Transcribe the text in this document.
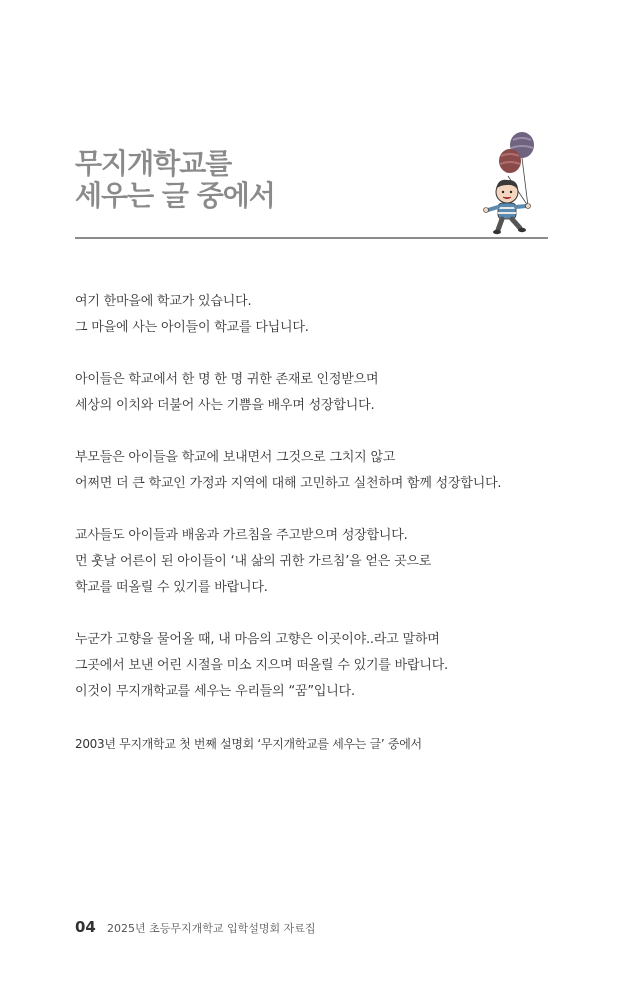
무지개학교를
세우는 글 중에서
여기 한마을에 학교가 있습니다.
그 마을에 사는 아이들이 학교를 다닙니다.
아이들은 학교에서 한 명 한 명 귀한 존재로 인정받으며
세상의 이치와 더불어 사는 기쁨을 배우며 성장합니다.
부모들은 아이들을 학교에 보내면서 그것으로 그치지 않고
어쩌면 더 큰 학교인 가정과 지역에 대해 고민하고 실천하며 함께 성장합니다.
교사들도 아이들과 배움과 가르침을 주고받으며 성장합니다.
먼 훗날 어른이 된 아이들이 ‘내 삶의 귀한 가르침’을 얻은 곳으로
학교를 떠올릴 수 있기를 바랍니다.
누군가 고향을 물어올 때, 내 마음의 고향은 이곳이야..라고 말하며
그곳에서 보낸 어린 시절을 미소 지으며 떠올릴 수 있기를 바랍니다.
이것이 무지개학교를 세우는 우리들의 “꿈”입니다.
2003년 무지개학교 첫 번째 설명회 ‘무지개학교를 세우는 글’ 중에서
04 2025년 초등무지개학교 입학설명회 자료집
